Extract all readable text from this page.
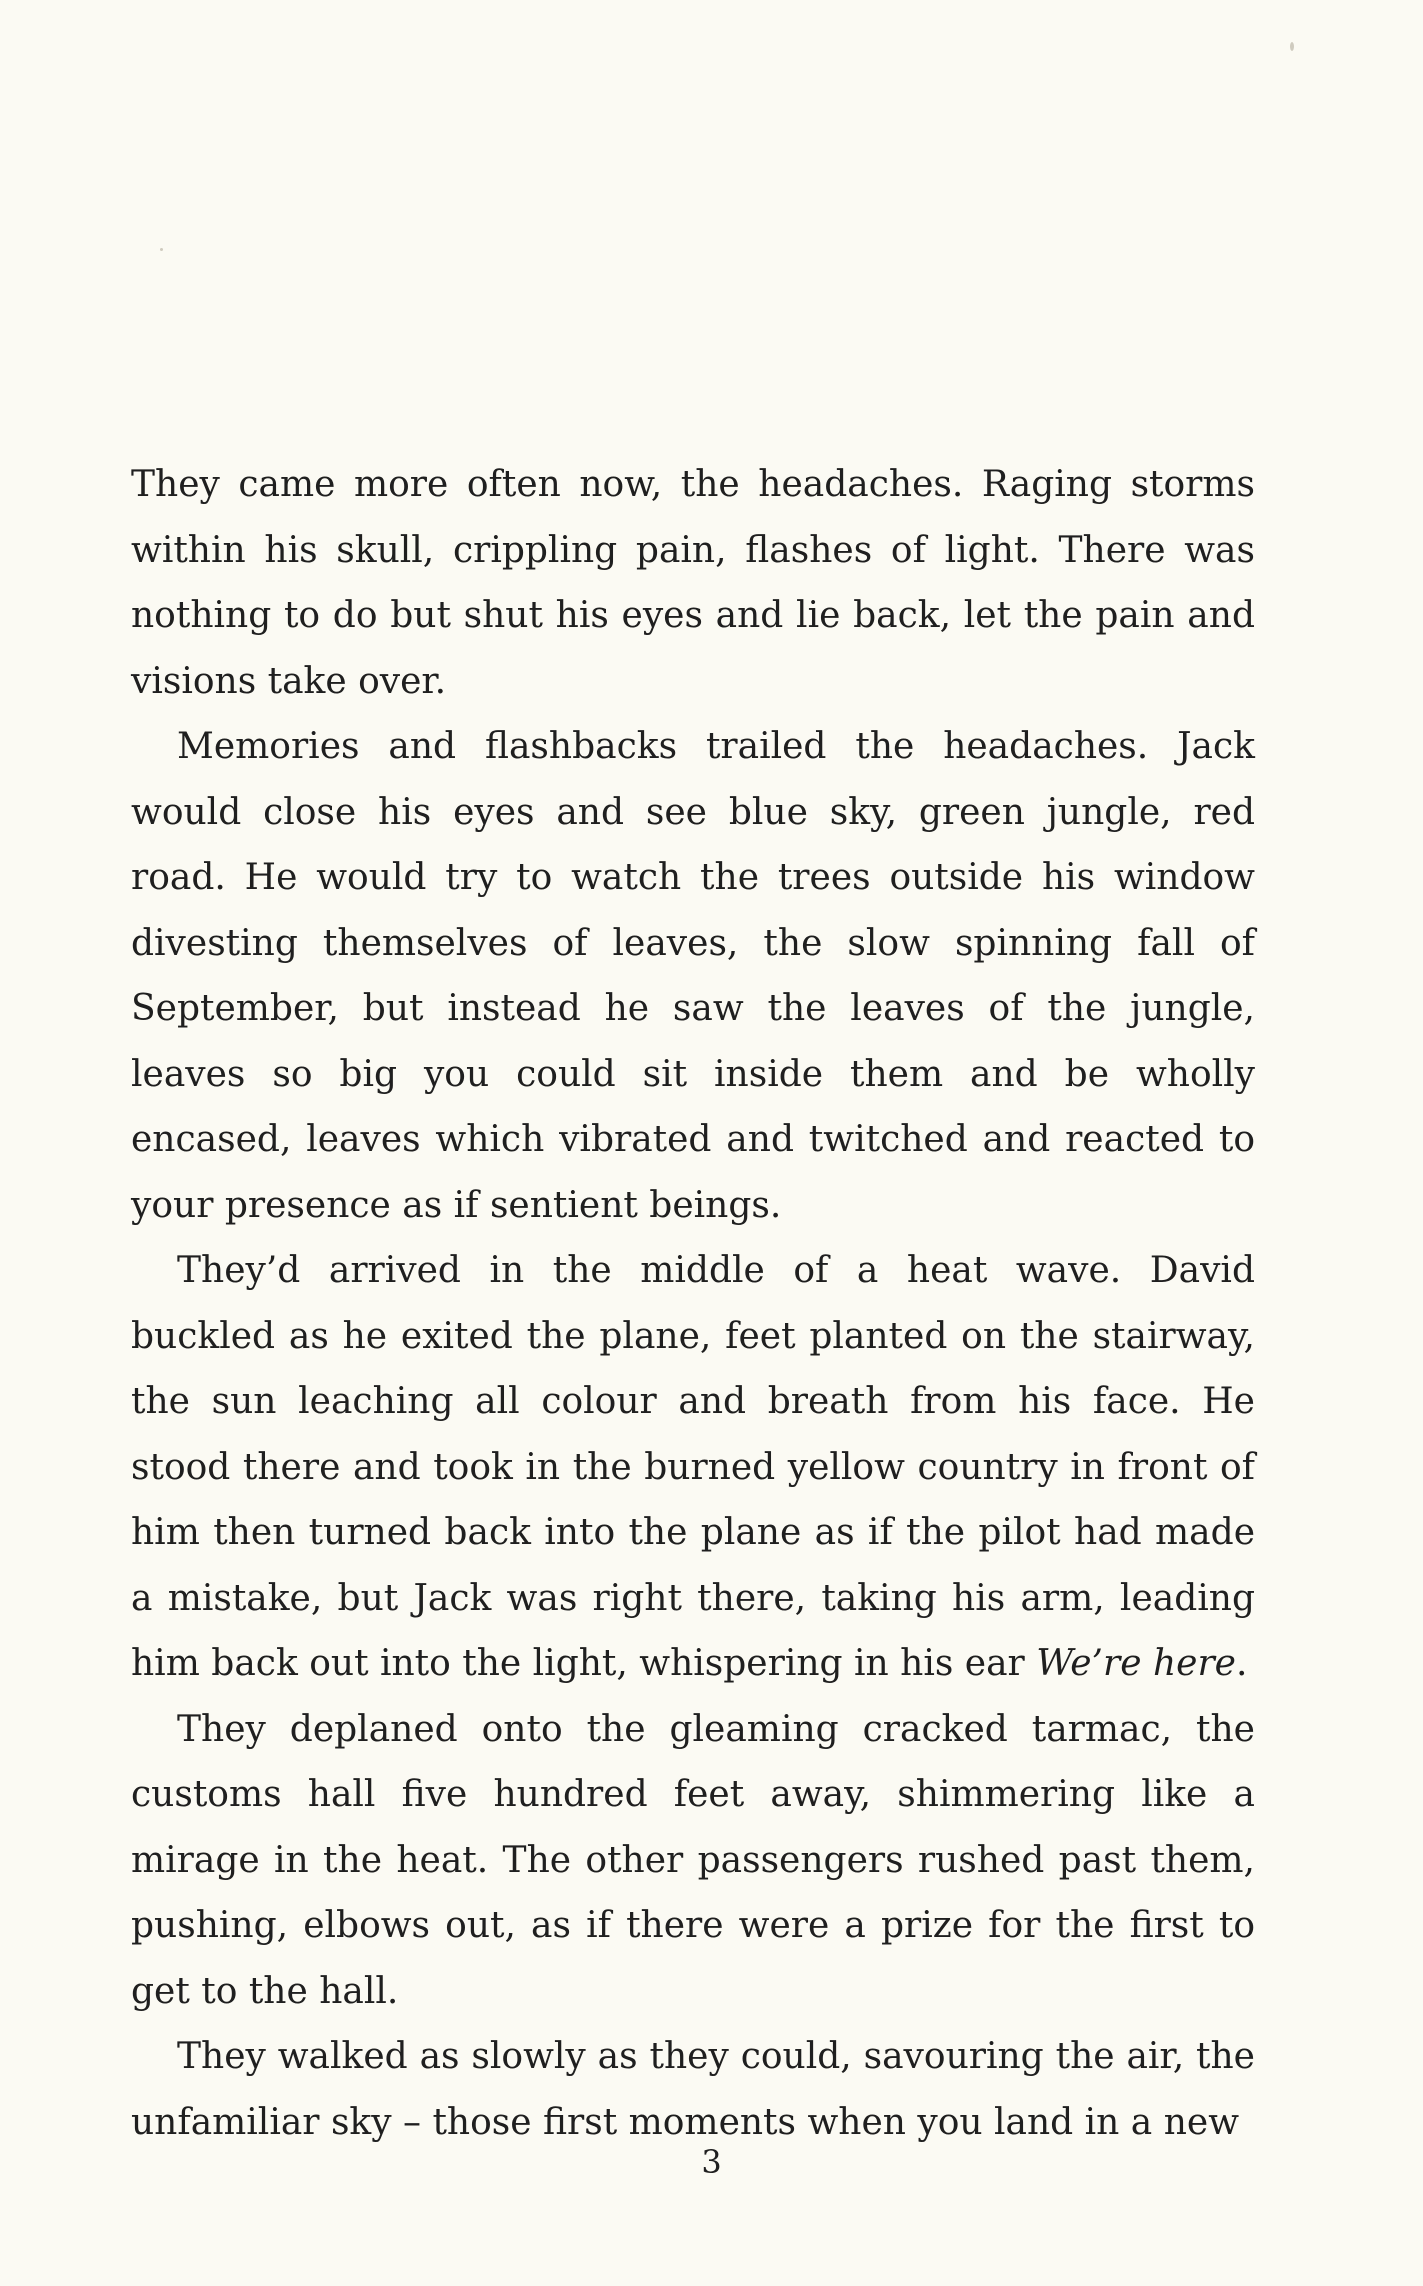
They came more often now, the headaches. Raging storms within his skull, crippling pain, flashes of light. There was nothing to do but shut his eyes and lie back, let the pain and visions take over.

Memories and flashbacks trailed the headaches. Jack would close his eyes and see blue sky, green jungle, red road. He would try to watch the trees outside his window divesting themselves of leaves, the slow spinning fall of September, but instead he saw the leaves of the jungle, leaves so big you could sit inside them and be wholly encased, leaves which vibrated and twitched and reacted to your presence as if sentient beings.

They’d arrived in the middle of a heat wave. David buckled as he exited the plane, feet planted on the stairway, the sun leaching all colour and breath from his face. He stood there and took in the burned yellow country in front of him then turned back into the plane as if the pilot had made a mistake, but Jack was right there, taking his arm, leading him back out into the light, whispering in his ear We’re here.

They deplaned onto the gleaming cracked tarmac, the customs hall five hundred feet away, shimmering like a mirage in the heat. The other passengers rushed past them, pushing, elbows out, as if there were a prize for the first to get to the hall.

They walked as slowly as they could, savouring the air, the unfamiliar sky – those first moments when you land in a new

3
